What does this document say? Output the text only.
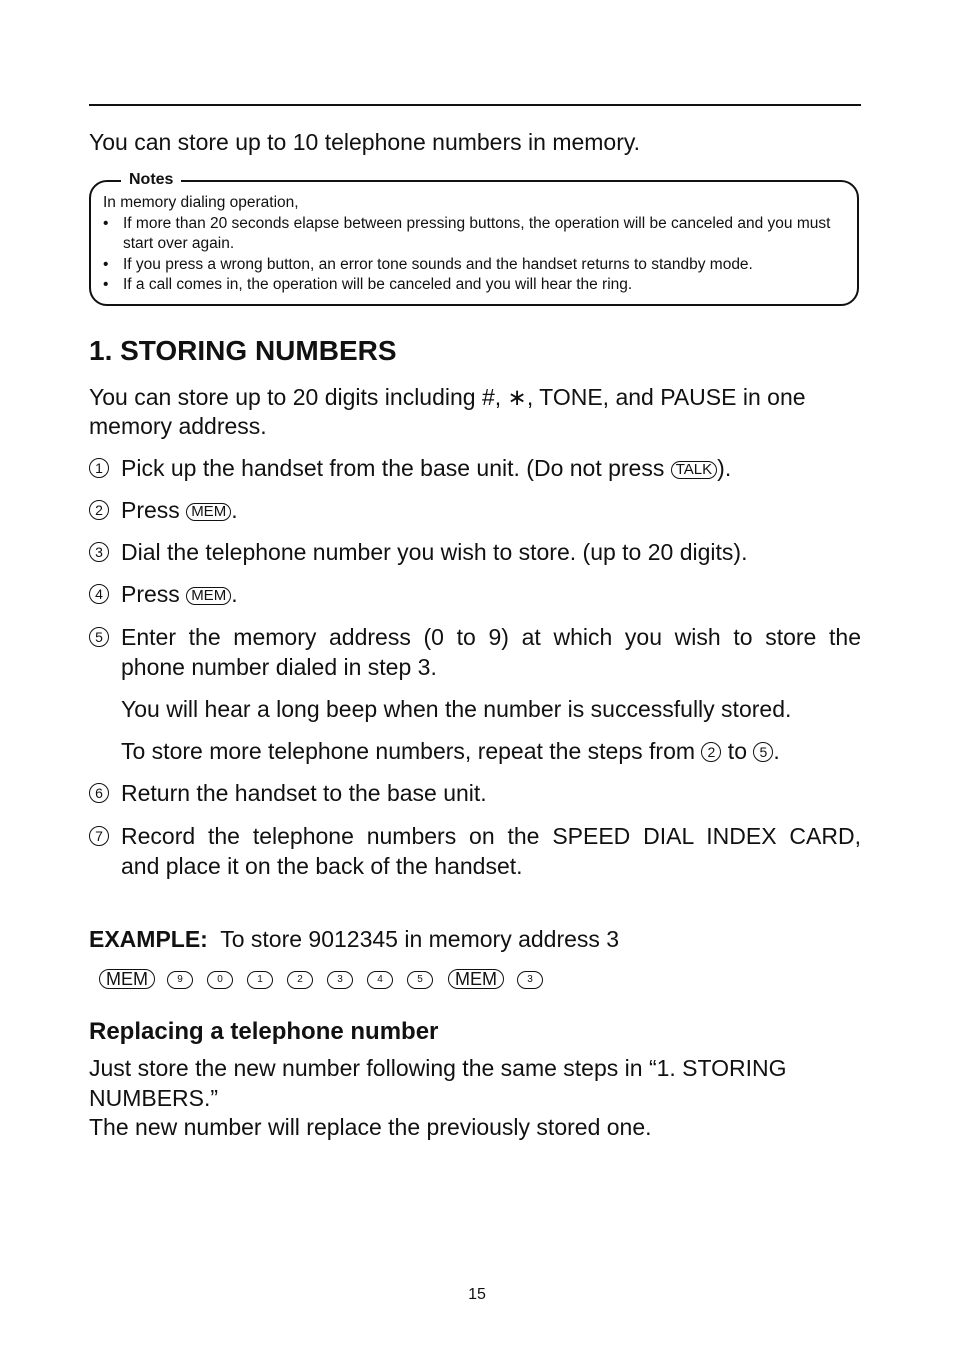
You can store up to 10 telephone numbers in memory.
Notes
In memory dialing operation,
• If more than 20 seconds elapse between pressing buttons, the operation will be canceled and you must start over again.
• If you press a wrong button, an error tone sounds and the handset returns to standby mode.
• If a call comes in, the operation will be canceled and you will hear the ring.
1. STORING NUMBERS
You can store up to 20 digits including #, ∗, TONE, and PAUSE in one
memory address.
1 Pick up the handset from the base unit. (Do not press TALK ).
2 Press MEM .
3 Dial the telephone number you wish to store. (up to 20 digits).
4 Press MEM .
5 Enter the memory address (0 to 9) at which you wish to store the
phone number dialed in step 3.
You will hear a long beep when the number is successfully stored.
To store more telephone numbers, repeat the steps from 2 to 5 .
6 Return the handset to the base unit.
7 Record the telephone numbers on the SPEED DIAL INDEX CARD,
and place it on the back of the handset.
EXAMPLE: To store 9012345 in memory address 3
MEM	9	0	1	2	3	4	5	MEM	3
Replacing a telephone number
Just store the new number following the same steps in “1. STORING
NUMBERS.”
The new number will replace the previously stored one.
15
